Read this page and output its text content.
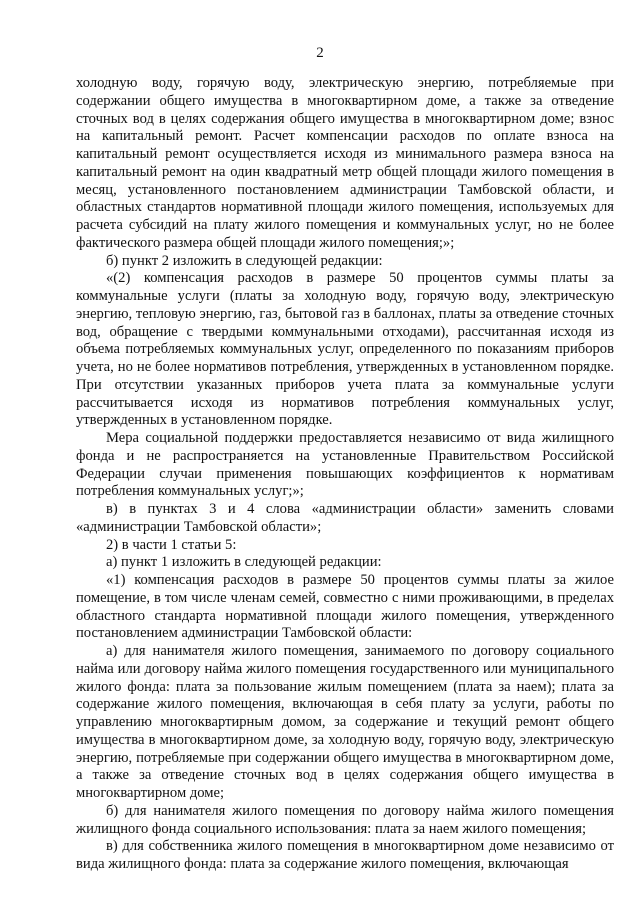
2

холодную воду, горячую воду, электрическую энергию, потребляемые при содержании общего имущества в многоквартирном доме, а также за отведение сточных вод в целях содержания общего имущества в многоквартирном доме; взнос на капитальный ремонт. Расчет компенсации расходов по оплате взноса на капитальный ремонт осуществляется исходя из минимального размера взноса на капитальный ремонт на один квадратный метр общей площади жилого помещения в месяц, установленного постановлением администрации Тамбовской области, и областных стандартов нормативной площади жилого помещения, используемых для расчета субсидий на плату жилого помещения и коммунальных услуг, но не более фактического размера общей площади жилого помещения;»;

б) пункт 2 изложить в следующей редакции:

«(2) компенсация расходов в размере 50 процентов суммы платы за коммунальные услуги (платы за холодную воду, горячую воду, электрическую энергию, тепловую энергию, газ, бытовой газ в баллонах, платы за отведение сточных вод, обращение с твердыми коммунальными отходами), рассчитанная исходя из объема потребляемых коммунальных услуг, определенного по показаниям приборов учета, но не более нормативов потребления, утвержденных в установленном порядке. При отсутствии указанных приборов учета плата за коммунальные услуги рассчитывается исходя из нормативов потребления коммунальных услуг, утвержденных в установленном порядке.

Мера социальной поддержки предоставляется независимо от вида жилищного фонда и не распространяется на установленные Правительством Российской Федерации случаи применения повышающих коэффициентов к нормативам потребления коммунальных услуг;»;

в) в пунктах 3 и 4 слова «администрации области» заменить словами «администрации Тамбовской области»;

2) в части 1 статьи 5:

а) пункт 1 изложить в следующей редакции:

«1) компенсация расходов в размере 50 процентов суммы платы за жилое помещение, в том числе членам семей, совместно с ними проживающими, в пределах областного стандарта нормативной площади жилого помещения, утвержденного постановлением администрации Тамбовской области:

а) для нанимателя жилого помещения, занимаемого по договору социального найма или договору найма жилого помещения государственного или муниципального жилого фонда: плата за пользование жилым помещением (плата за наем); плата за содержание жилого помещения, включающая в себя плату за услуги, работы по управлению многоквартирным домом, за содержание и текущий ремонт общего имущества в многоквартирном доме, за холодную воду, горячую воду, электрическую энергию, потребляемые при содержании общего имущества в многоквартирном доме, а также за отведение сточных вод в целях содержания общего имущества в многоквартирном доме;

б) для нанимателя жилого помещения по договору найма жилого помещения жилищного фонда социального использования: плата за наем жилого помещения;

в) для собственника жилого помещения в многоквартирном доме независимо от вида жилищного фонда: плата за содержание жилого помещения, включающая
